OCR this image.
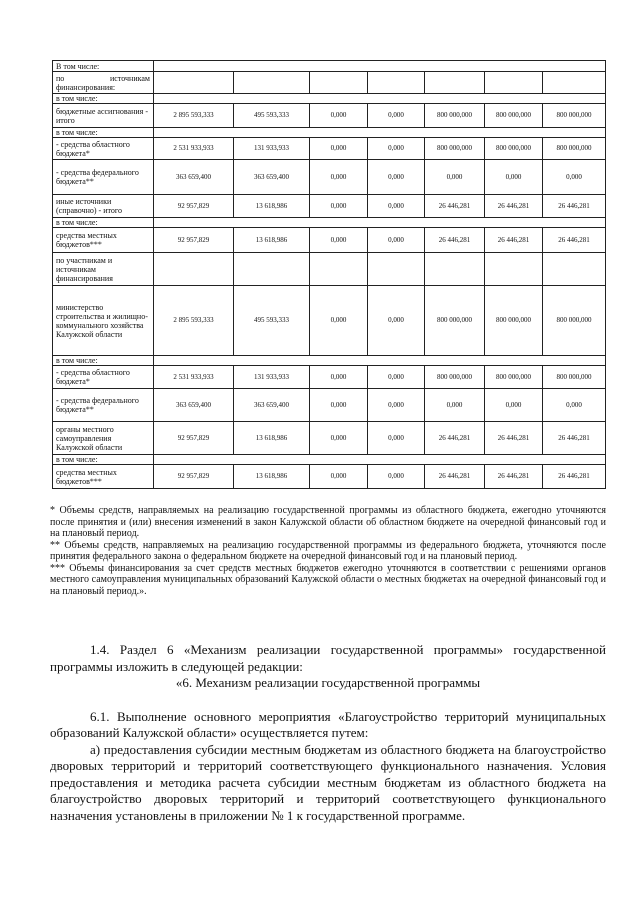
В том числе:							
по источникам финансирования:							
в том числе:							
бюджетные ассигнования - итого	2 895 593,333	495 593,333	0,000	0,000	800 000,000	800 000,000	800 000,000
в том числе:							
- средства областного бюджета*	2 531 933,933	131 933,933	0,000	0,000	800 000,000	800 000,000	800 000,000
- средства федерального бюджета**	363 659,400	363 659,400	0,000	0,000	0,000	0,000	0,000
иные источники (справочно) - итого	92 957,829	13 618,986	0,000	0,000	26 446,281	26 446,281	26 446,281
в том числе:							
средства местных бюджетов***	92 957,829	13 618,986	0,000	0,000	26 446,281	26 446,281	26 446,281
по участникам и источникам финансирования							
министерство строительства и жилищно-коммунального хозяйства Калужской области	2 895 593,333	495 593,333	0,000	0,000	800 000,000	800 000,000	800 000,000
в том числе:							
- средства областного бюджета*	2 531 933,933	131 933,933	0,000	0,000	800 000,000	800 000,000	800 000,000
- средства федерального бюджета**	363 659,400	363 659,400	0,000	0,000	0,000	0,000	0,000
органы местного самоуправления Калужской области	92 957,829	13 618,986	0,000	0,000	26 446,281	26 446,281	26 446,281
в том числе:							
средства местных бюджетов***	92 957,829	13 618,986	0,000	0,000	26 446,281	26 446,281	26 446,281

* Объемы средств, направляемых на реализацию государственной программы из областного бюджета, ежегодно уточняются после принятия и (или) внесения изменений в закон Калужской области об областном бюджете на очередной финансовый год и на плановый период.

** Объемы средств, направляемых на реализацию государственной программы из федерального бюджета, уточняются после принятия федерального закона о федеральном бюджете на очередной финансовый год и на плановый период.

*** Объемы финансирования за счет средств местных бюджетов ежегодно уточняются в соответствии с решениями органов местного самоуправления муниципальных образований Калужской области о местных бюджетах на очередной финансовый год и на плановый период.».

1.4. Раздел 6 «Механизм реализации государственной программы» государственной программы изложить в следующей редакции:

«6. Механизм реализации государственной программы

6.1. Выполнение основного мероприятия «Благоустройство территорий муниципальных образований Калужской области» осуществляется путем:

а) предоставления субсидии местным бюджетам из областного бюджета на благоустройство дворовых территорий и территорий соответствующего функционального назначения. Условия предоставления и методика расчета субсидии местным бюджетам из областного бюджета на благоустройство дворовых территорий и территорий соответствующего функционального назначения установлены в приложении № 1 к государственной программе.
